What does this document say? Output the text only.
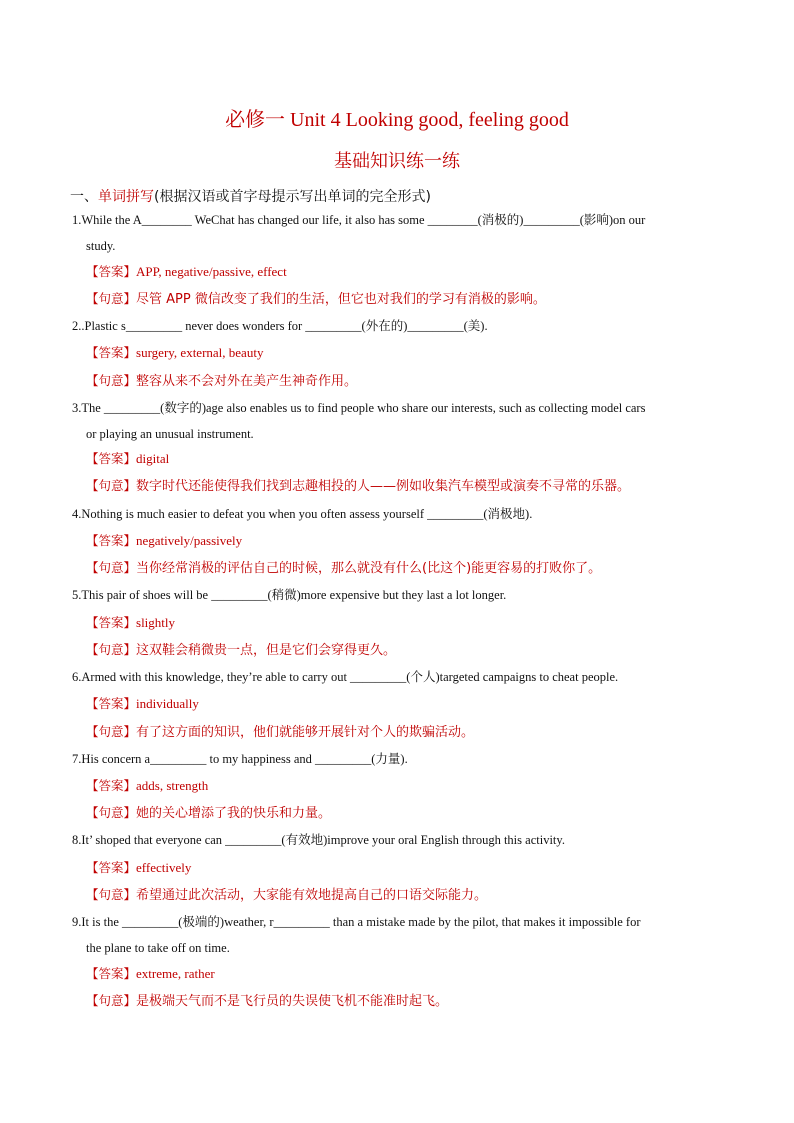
必修一 Unit 4 Looking good, feeling good
基础知识练一练
一、单词拼写(根据汉语或首字母提示写出单词的完全形式)
1.While the A________ WeChat has changed our life, it also has some ________(消极的)_________(影响)on our
study.
【答案】APP, negative/passive, effect
【句意】尽管 APP 微信改变了我们的生活，但它也对我们的学习有消极的影响。
2..Plastic s_________ never does wonders for _________(外在的)_________(美).
【答案】surgery, external, beauty
【句意】整容从来不会对外在美产生神奇作用。
3.The _________(数字的)age also enables us to find people who share our interests, such as collecting model cars
or playing an unusual instrument.
【答案】digital
【句意】数字时代还能使得我们找到志趣相投的人——例如收集汽车模型或演奏不寻常的乐器。
4.Nothing is much easier to defeat you when you often assess yourself _________(消极地).
【答案】negatively/passively
【句意】当你经常消极的评估自己的时候，那么就没有什么(比这个)能更容易的打败你了。
5.This pair of shoes will be _________(稍微)more expensive but they last a lot longer.
【答案】slightly
【句意】这双鞋会稍微贵一点，但是它们会穿得更久。
6.Armed with this knowledge, they’re able to carry out _________(个人)targeted campaigns to cheat people.
【答案】individually
【句意】有了这方面的知识，他们就能够开展针对个人的欺骗活动。
7.His concern a_________ to my happiness and _________(力量).
【答案】adds, strength
【句意】她的关心增添了我的快乐和力量。
8.It’ shoped that everyone can _________(有效地)improve your oral English through this activity.
【答案】effectively
【句意】希望通过此次活动，大家能有效地提高自己的口语交际能力。
9.It is the _________(极端的)weather, r_________ than a mistake made by the pilot, that makes it impossible for
the plane to take off on time.
【答案】extreme, rather
【句意】是极端天气而不是飞行员的失误使飞机不能准时起飞。
